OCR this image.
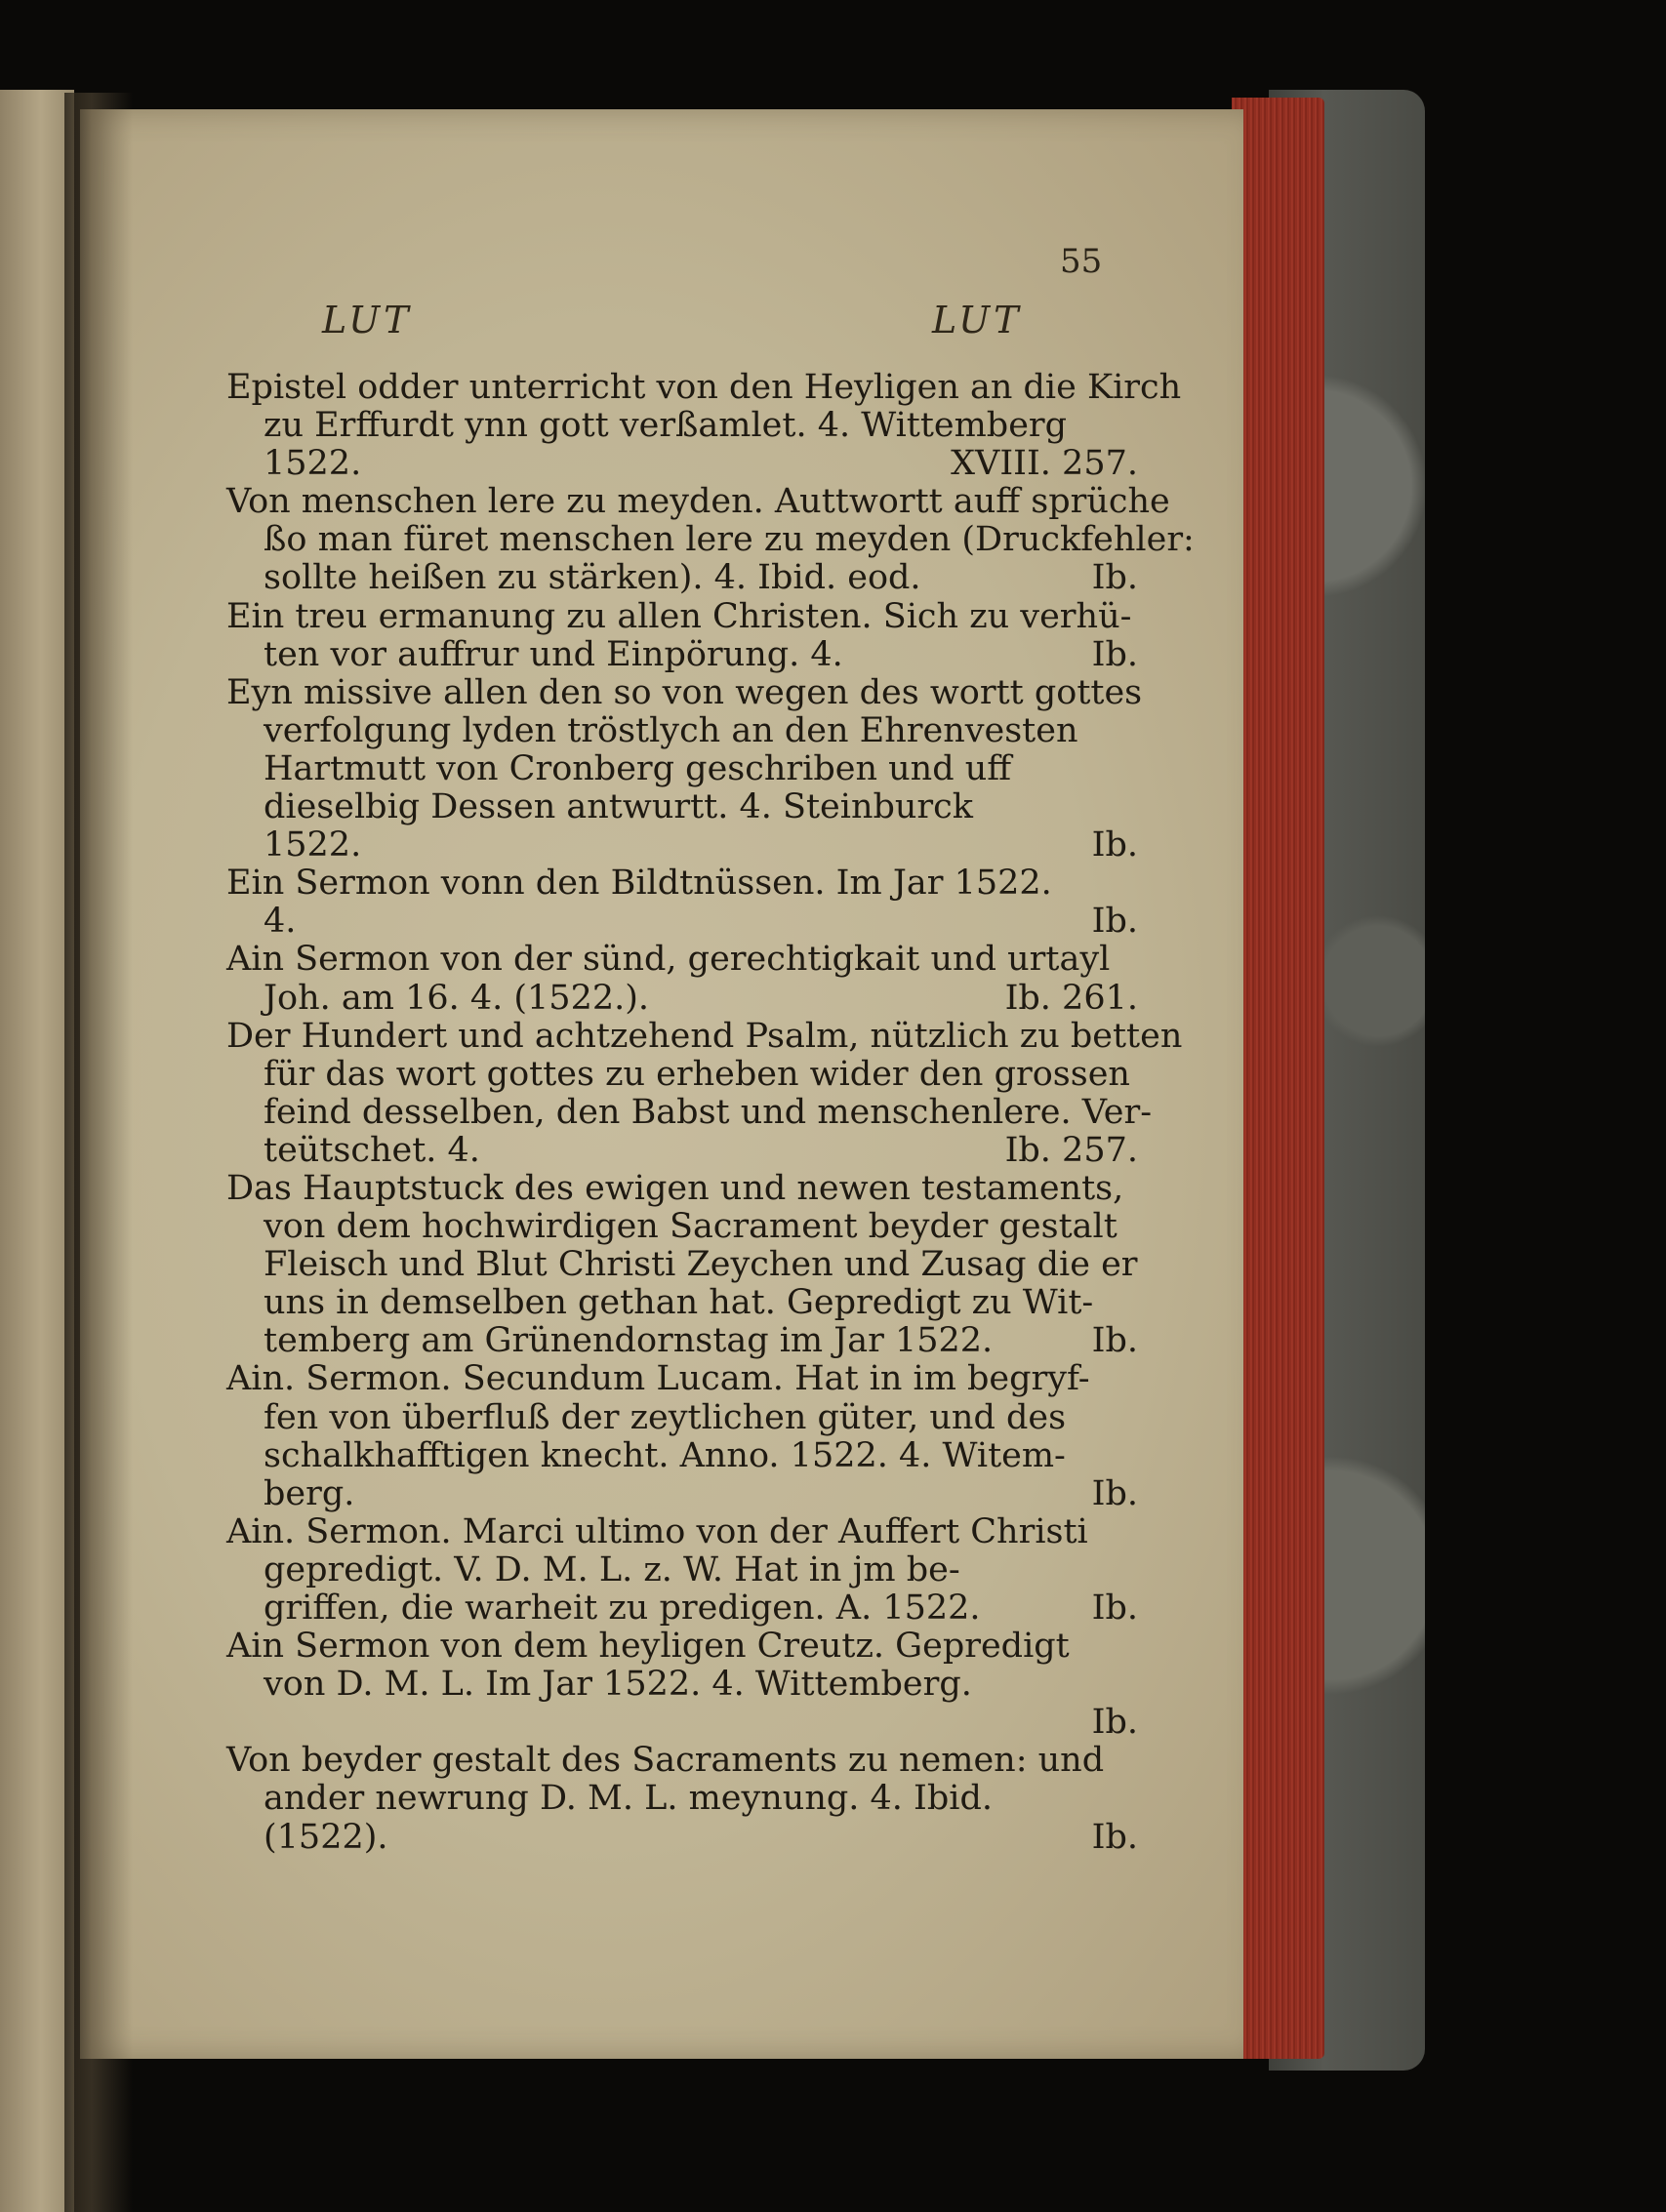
55
LUT	LUT
Epistel odder unterricht von den Heyligen an die Kirch
zu Erffurdt ynn gott verßamlet. 4. Wittemberg
1522.	XVIII. 257.
Von menschen lere zu meyden. Auttwortt auff sprüche
ßo man füret menschen lere zu meyden (Druckfehler:
sollte heißen zu stärken). 4. Ibid. eod.	Ib.
Ein treu ermanung zu allen Christen. Sich zu verhü-
ten vor auffrur und Einpörung. 4.	Ib.
Eyn missive allen den so von wegen des wortt gottes
verfolgung lyden tröstlych an den Ehrenvesten
Hartmutt von Cronberg geschriben und uff
dieselbig Dessen antwurtt. 4. Steinburck
1522.	Ib.
Ein Sermon vonn den Bildtnüssen. Im Jar 1522.
4.	Ib.
Ain Sermon von der sünd, gerechtigkait und urtayl
Joh. am 16. 4. (1522.).	Ib. 261.
Der Hundert und achtzehend Psalm, nützlich zu betten
für das wort gottes zu erheben wider den grossen
feind desselben, den Babst und menschenlere. Ver-
teütschet. 4.	Ib. 257.
Das Hauptstuck des ewigen und newen testaments,
von dem hochwirdigen Sacrament beyder gestalt
Fleisch und Blut Christi Zeychen und Zusag die er
uns in demselben gethan hat. Gepredigt zu Wit-
temberg am Grünendornstag im Jar 1522.	Ib.
Ain. Sermon. Secundum Lucam. Hat in im begryf-
fen von überfluß der zeytlichen güter, und des
schalkhafftigen knecht. Anno. 1522. 4. Witem-
berg.	Ib.
Ain. Sermon. Marci ultimo von der Auffert Christi
gepredigt. V. D. M. L. z. W. Hat in jm be-
griffen, die warheit zu predigen. A. 1522.	Ib.
Ain Sermon von dem heyligen Creutz. Gepredigt
von D. M. L. Im Jar 1522. 4. Wittemberg.
Ib.
Von beyder gestalt des Sacraments zu nemen: und
ander newrung D. M. L. meynung. 4. Ibid.
(1522).	Ib.
